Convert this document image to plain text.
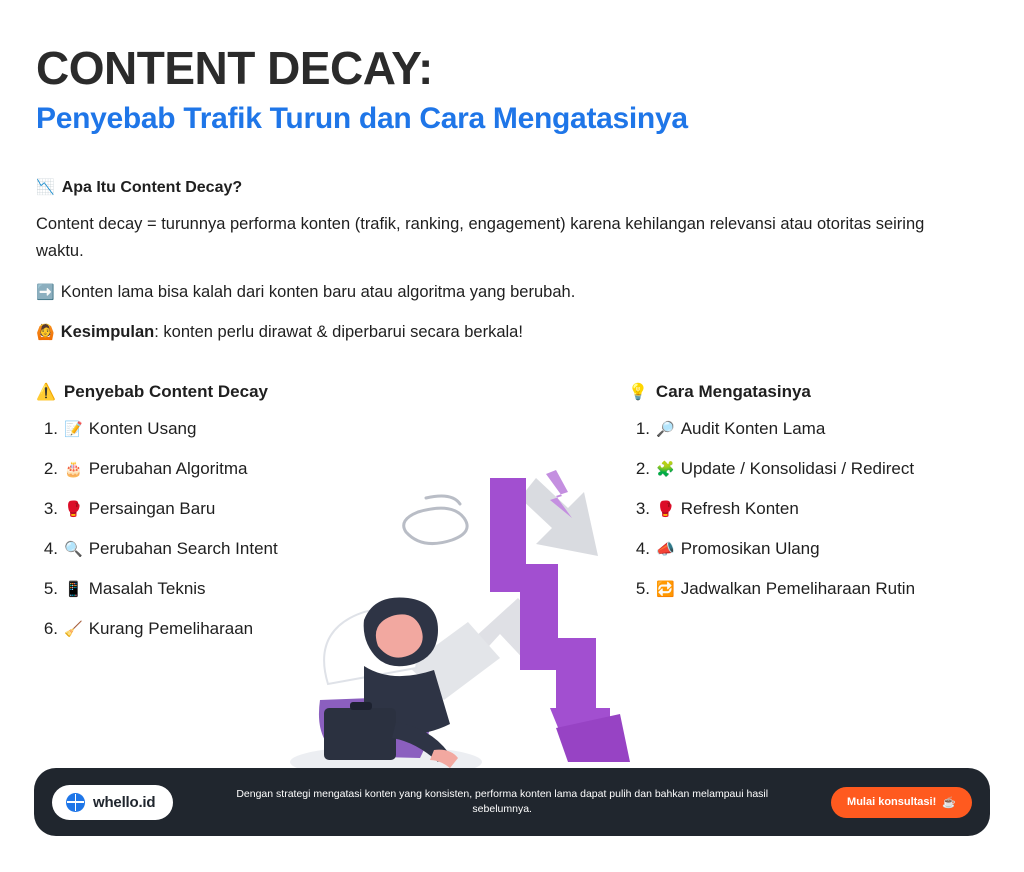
CONTENT DECAY:
Penyebab Trafik Turun dan Cara Mengatasinya
📉 Apa Itu Content Decay?

Content decay = turunnya performa konten (trafik, ranking, engagement) karena kehilangan relevansi atau otoritas seiring waktu.

➡️ Konten lama bisa kalah dari konten baru atau algoritma yang berubah.
🙆 Kesimpulan: konten perlu dirawat & diperbarui secara berkala!
⚠️ Penyebab Content Decay
1. 📝 Konten Usang
2. 🎂 Perubahan Algoritma
3. 🥊 Persaingan Baru
4. 🔍 Perubahan Search Intent
5. 📱 Masalah Teknis
6. 🧹 Kurang Pemeliharaan
💡 Cara Mengatasinya
1. 🔎 Audit Konten Lama
2. 🧩 Update / Konsolidasi / Redirect
3. 🥊 Refresh Konten
4. 📣 Promosikan Ulang
5. 🔁 Jadwalkan Pemeliharaan Rutin
whello.id	Dengan strategi mengatasi konten yang konsisten, performa konten lama dapat pulih dan bahkan melampaui hasil sebelumnya.
Mulai konsultasi! ☕
